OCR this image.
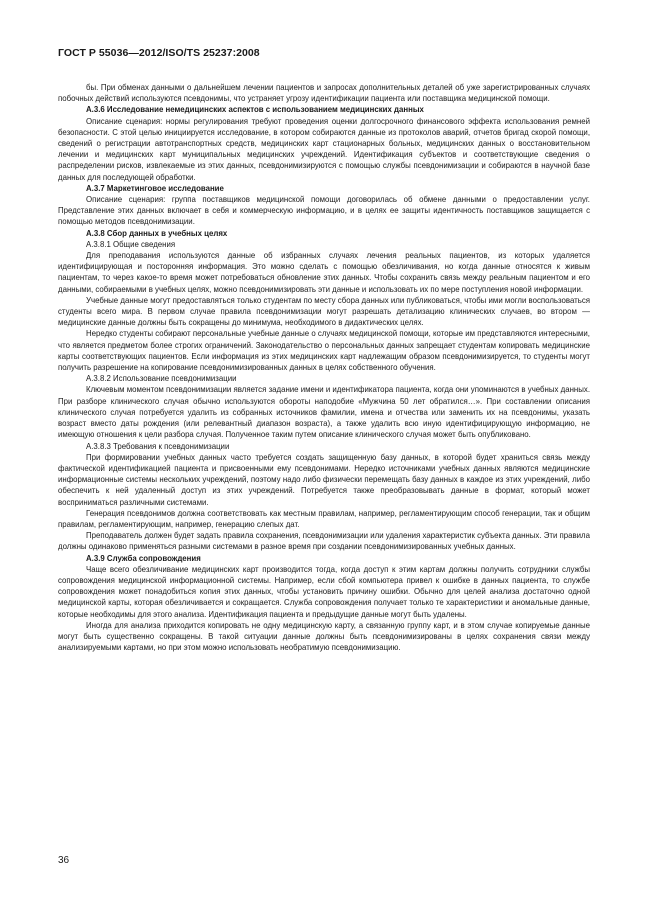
ГОСТ Р 55036—2012/ISO/TS 25237:2008

бы. При обменах данными о дальнейшем лечении пациентов и запросах дополнительных деталей об уже зарегистрированных случаях побочных действий используются псевдонимы, что устраняет угрозу идентификации пациента или поставщика медицинской помощи.

А.3.6 Исследование немедицинских аспектов с использованием медицинских данных

Описание сценария: нормы регулирования требуют проведения оценки долгосрочного финансового эффекта использования ремней безопасности. С этой целью инициируется исследование, в котором собираются данные из протоколов аварий, отчетов бригад скорой помощи, сведений о регистрации автотранспортных средств, медицинских карт стационарных больных, медицинских данных о восстановительном лечении и медицинских карт муниципальных медицинских учреждений. Идентификация субъектов и соответствующие сведения о распределении рисков, извлекаемые из этих данных, псевдонимизируются с помощью службы псевдонимизации и собираются в научной базе данных для последующей обработки.

А.3.7 Маркетинговое исследование

Описание сценария: группа поставщиков медицинской помощи договорилась об обмене данными о предоставлении услуг. Представление этих данных включает в себя и коммерческую информацию, и в целях ее защиты идентичность поставщиков защищается с помощью методов псевдонимизации.

А.3.8 Сбор данных в учебных целях

А.3.8.1 Общие сведения

Для преподавания используются данные об избранных случаях лечения реальных пациентов, из которых удаляется идентифицирующая и посторонняя информация. Это можно сделать с помощью обезличивания, но когда данные относятся к живым пациентам, то через какое-то время может потребоваться обновление этих данных. Чтобы сохранить связь между реальным пациентом и его данными, собираемыми в учебных целях, можно псевдонимизировать эти данные и использовать их по мере поступления новой информации.

Учебные данные могут предоставляться только студентам по месту сбора данных или публиковаться, чтобы ими могли воспользоваться студенты всего мира. В первом случае правила псевдонимизации могут разрешать детализацию клинических случаев, во втором — медицинские данные должны быть сокращены до минимума, необходимого в дидактических целях.

Нередко студенты собирают персональные учебные данные о случаях медицинской помощи, которые им представляются интересными, что является предметом более строгих ограничений. Законодательство о персональных данных запрещает студентам копировать медицинские карты соответствующих пациентов. Если информация из этих медицинских карт надлежащим образом псевдонимизируется, то студенты могут получить разрешение на копирование псевдонимизированных данных в целях собственного обучения.

А.3.8.2 Использование псевдонимизации

Ключевым моментом псевдонимизации является задание имени и идентификатора пациента, когда они упоминаются в учебных данных. При разборе клинического случая обычно используются обороты наподобие «Мужчина 50 лет обратился…». При составлении описания клинического случая потребуется удалить из собранных источников фамилии, имена и отчества или заменить их на псевдонимы, указать возраст вместо даты рождения (или релевантный диапазон возраста), а также удалить всю иную идентифицирующую информацию, не имеющую отношения к цели разбора случая. Полученное таким путем описание клинического случая может быть опубликовано.

А.3.8.3 Требования к псевдонимизации

При формировании учебных данных часто требуется создать защищенную базу данных, в которой будет храниться связь между фактической идентификацией пациента и присвоенными ему псевдонимами. Нередко источниками учебных данных являются медицинские информационные системы нескольких учреждений, поэтому надо либо физически перемещать базу данных в каждое из этих учреждений, либо обеспечить к ней удаленный доступ из этих учреждений. Потребуется также преобразовывать данные в формат, который может восприниматься различными системами.

Генерация псевдонимов должна соответствовать как местным правилам, например, регламентирующим способ генерации, так и общим правилам, регламентирующим, например, генерацию слепых дат.

Преподаватель должен будет задать правила сохранения, псевдонимизации или удаления характеристик субъекта данных. Эти правила должны одинаково применяться разными системами в разное время при создании псевдонимизированных учебных данных.

А.3.9 Служба сопровождения

Чаще всего обезличивание медицинских карт производится тогда, когда доступ к этим картам должны получить сотрудники службы сопровождения медицинской информационной системы. Например, если сбой компьютера привел к ошибке в данных пациента, то службе сопровождения может понадобиться копия этих данных, чтобы установить причину ошибки. Обычно для целей анализа достаточно одной медицинской карты, которая обезличивается и сокращается. Служба сопровождения получает только те характеристики и аномальные данные, которые необходимы для этого анализа. Идентификация пациента и предыдущие данные могут быть удалены.

Иногда для анализа приходится копировать не одну медицинскую карту, а связанную группу карт, и в этом случае копируемые данные могут быть существенно сокращены. В такой ситуации данные должны быть псевдонимизированы в целях сохранения связи между анализируемыми картами, но при этом можно использовать необратимую псевдонимизацию.

36
